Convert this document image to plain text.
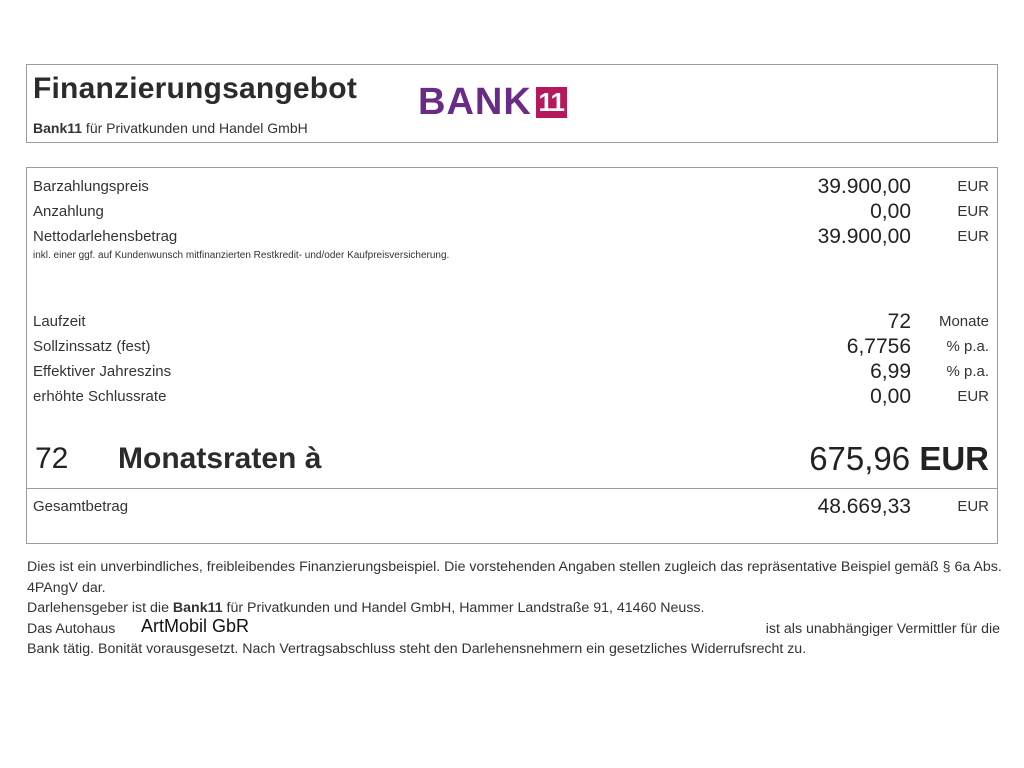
Finanzierungsangebot
Bank11 für Privatkunden und Handel GmbH
BANK 11
Barzahlungspreis	39.900,00	EUR
Anzahlung	0,00	EUR
Nettodarlehensbetrag	39.900,00	EUR
inkl. einer ggf. auf Kundenwunsch mitfinanzierten Restkredit- und/oder Kaufpreisversicherung.
Laufzeit	72 Monate
Sollzinssatz (fest)	6,7756 % p.a.
Effektiver Jahreszins	6,99 % p.a.
erhöhte Schlussrate	0,00	EUR
72 Monatsraten à	675,96 EUR
Gesamtbetrag	48.669,33	EUR

Dies ist ein unverbindliches, freibleibendes Finanzierungsbeispiel. Die vorstehenden Angaben stellen zugleich das repräsentative Beispiel gemäß § 6a Abs. 4PAngV dar.

Darlehensgeber ist die Bank11 für Privatkunden und Handel GmbH, Hammer Landstraße 91, 41460 Neuss.

Das Autohaus ArtMobil GbR	ist als unabhängiger Vermittler für die

Bank tätig. Bonität vorausgesetzt. Nach Vertragsabschluss steht den Darlehensnehmern ein gesetzliches Widerrufsrecht zu.
